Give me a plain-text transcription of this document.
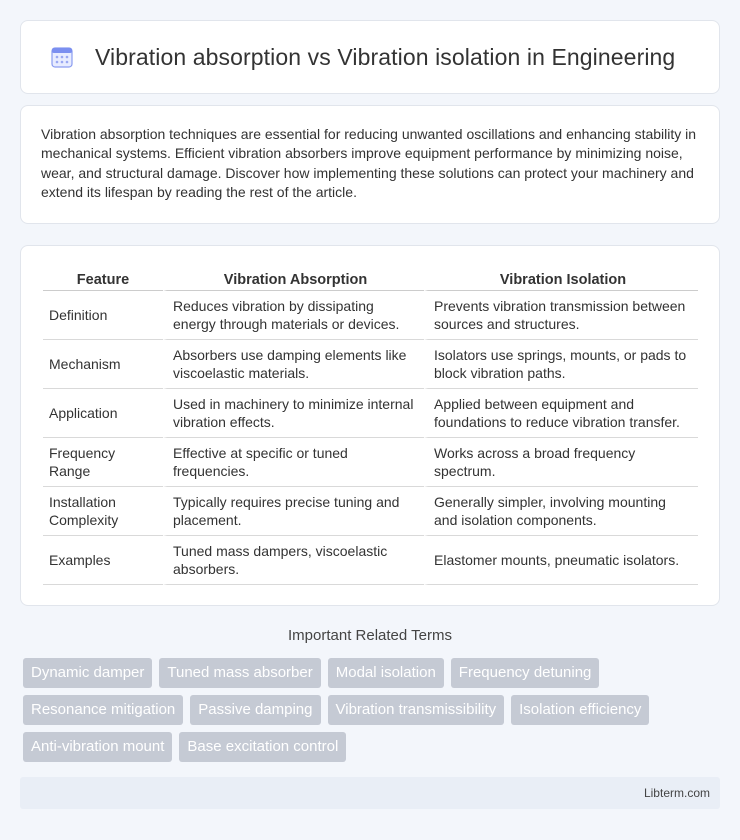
Vibration absorption vs Vibration isolation in Engineering

Vibration absorption techniques are essential for reducing unwanted oscillations and enhancing stability in mechanical systems. Efficient vibration absorbers improve equipment performance by minimizing noise, wear, and structural damage. Discover how implementing these solutions can protect your machinery and extend its lifespan by reading the rest of the article.

Feature	Vibration Absorption	Vibration Isolation
Definition	Reduces vibration by dissipating energy through materials or devices.	Prevents vibration transmission between sources and structures.
Mechanism	Absorbers use damping elements like viscoelastic materials.	Isolators use springs, mounts, or pads to block vibration paths.
Application	Used in machinery to minimize internal vibration effects.	Applied between equipment and foundations to reduce vibration transfer.
Frequency Range	Effective at specific or tuned frequencies.	Works across a broad frequency spectrum.
Installation Complexity	Typically requires precise tuning and placement.	Generally simpler, involving mounting and isolation components.
Examples	Tuned mass dampers, viscoelastic absorbers.	Elastomer mounts, pneumatic isolators.
Important Related Terms
Dynamic damper	Tuned mass absorber	Modal isolation	Frequency detuning
Resonance mitigation	Passive damping	Vibration transmissibility	Isolation efficiency
Anti-vibration mount	Base excitation control
Libterm.com
